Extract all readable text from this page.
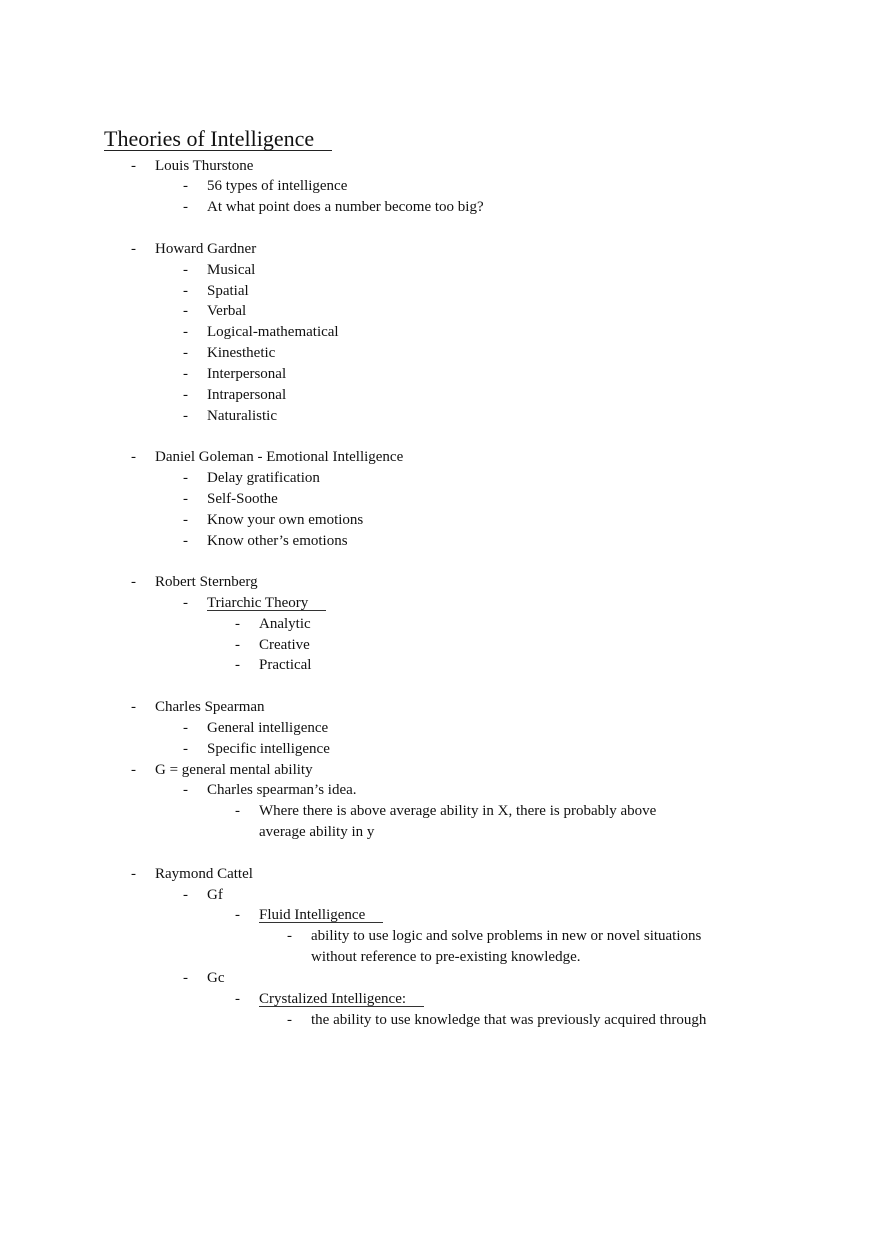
Theories of Intelligence
- Louis Thurstone
- 56 types of intelligence
- At what point does a number become too big?
- Howard Gardner
- Musical
- Spatial
- Verbal
- Logical-mathematical
- Kinesthetic
- Interpersonal
- Intrapersonal
- Naturalistic
- Daniel Goleman - Emotional Intelligence
- Delay gratification
- Self-Soothe
- Know your own emotions
- Know other’s emotions
- Robert Sternberg
- Triarchic Theory
- Analytic
- Creative
- Practical
- Charles Spearman
- General intelligence
- Specific intelligence
- G = general mental ability
- Charles spearman’s idea.
- Where there is above average ability in X, there is probably above
average ability in y
- Raymond Cattel
- Gf
- Fluid Intelligence
- ability to use logic and solve problems in new or novel situations
without reference to pre-existing knowledge.
- Gc
- Crystalized Intelligence:
- the ability to use knowledge that was previously acquired through
